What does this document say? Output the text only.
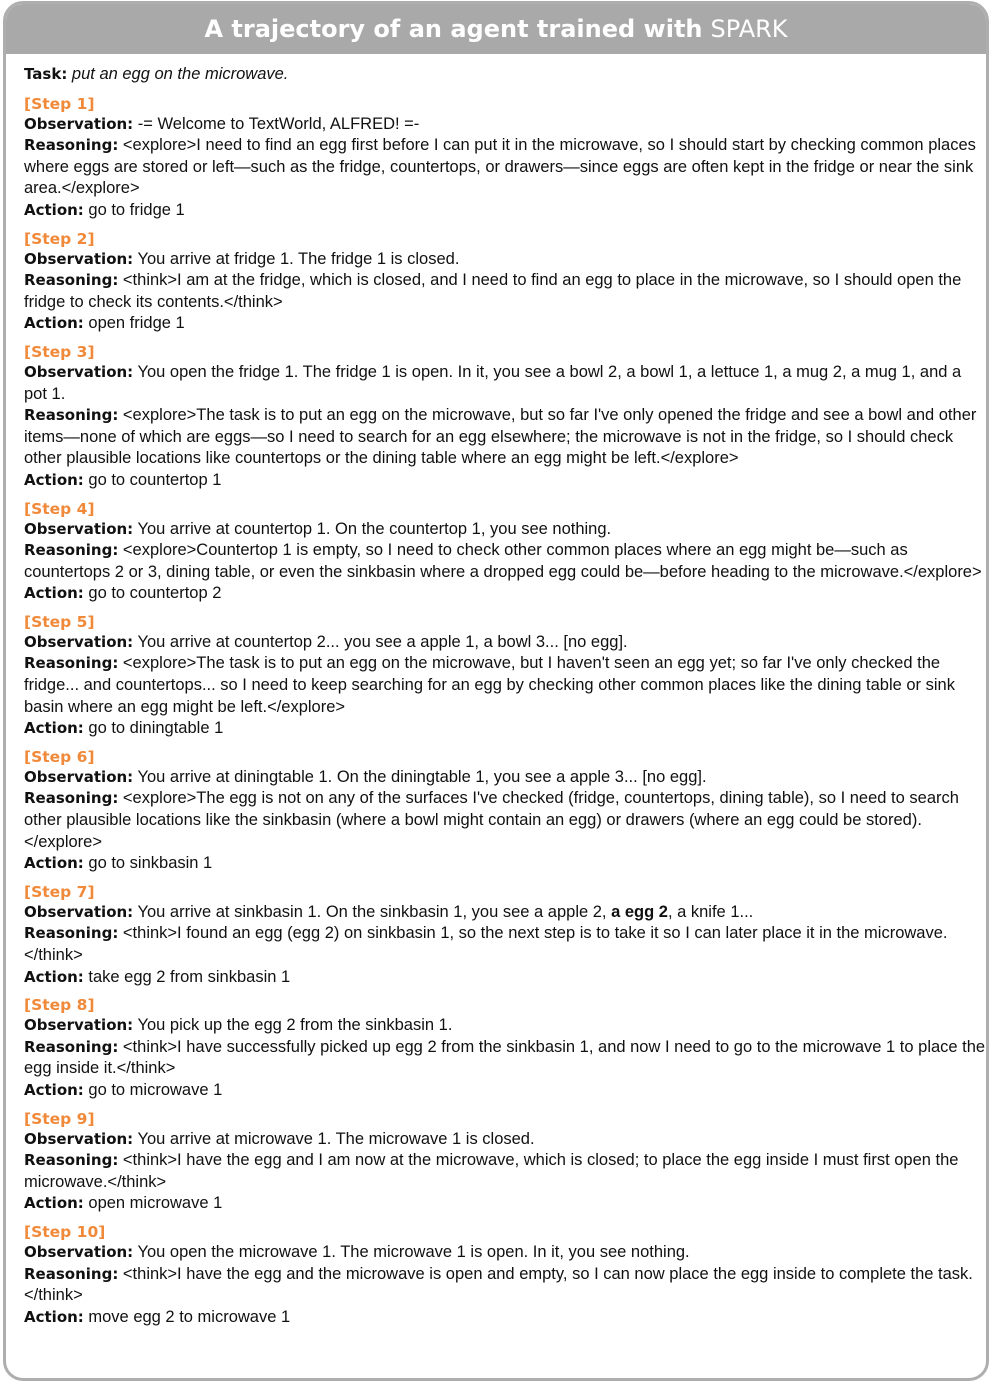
A trajectory of an agent trained with SPARK
Task: put an egg on the microwave.
[Step 1]
Observation: -= Welcome to TextWorld, ALFRED! =-
Reasoning: <explore>I need to find an egg first before I can put it in the microwave, so I should start by checking common places where eggs are stored or left—such as the fridge, countertops, or drawers—since eggs are often kept in the fridge or near the sink area.</explore>
Action: go to fridge 1
[Step 2]
Observation: You arrive at fridge 1. The fridge 1 is closed.
Reasoning: <think>I am at the fridge, which is closed, and I need to find an egg to place in the microwave, so I should open the fridge to check its contents.</think>
Action: open fridge 1
[Step 3]
Observation: You open the fridge 1. The fridge 1 is open. In it, you see a bowl 2, a bowl 1, a lettuce 1, a mug 2, a mug 1, and a pot 1.
Reasoning: <explore>The task is to put an egg on the microwave, but so far I've only opened the fridge and see a bowl and other items—none of which are eggs—so I need to search for an egg elsewhere; the microwave is not in the fridge, so I should check other plausible locations like countertops or the dining table where an egg might be left.</explore>
Action: go to countertop 1
[Step 4]
Observation: You arrive at countertop 1. On the countertop 1, you see nothing.
Reasoning: <explore>Countertop 1 is empty, so I need to check other common places where an egg might be—such as countertops 2 or 3, dining table, or even the sinkbasin where a dropped egg could be—before heading to the microwave.</explore>
Action: go to countertop 2
[Step 5]
Observation: You arrive at countertop 2... you see a apple 1, a bowl 3... [no egg].
Reasoning: <explore>The task is to put an egg on the microwave, but I haven't seen an egg yet; so far I've only checked the fridge... and countertops... so I need to keep searching for an egg by checking other common places like the dining table or sink basin where an egg might be left.</explore>
Action: go to diningtable 1
[Step 6]
Observation: You arrive at diningtable 1. On the diningtable 1, you see a apple 3... [no egg].
Reasoning: <explore>The egg is not on any of the surfaces I've checked (fridge, countertops, dining table), so I need to search other plausible locations like the sinkbasin (where a bowl might contain an egg) or drawers (where an egg could be stored).</explore>
Action: go to sinkbasin 1
[Step 7]
Observation: You arrive at sinkbasin 1. On the sinkbasin 1, you see a apple 2, a egg 2, a knife 1...
Reasoning: <think>I found an egg (egg 2) on sinkbasin 1, so the next step is to take it so I can later place it in the microwave.</think>
Action: take egg 2 from sinkbasin 1
[Step 8]
Observation: You pick up the egg 2 from the sinkbasin 1.
Reasoning: <think>I have successfully picked up egg 2 from the sinkbasin 1, and now I need to go to the microwave 1 to place the egg inside it.</think>
Action: go to microwave 1
[Step 9]
Observation: You arrive at microwave 1. The microwave 1 is closed.
Reasoning: <think>I have the egg and I am now at the microwave, which is closed; to place the egg inside I must first open the microwave.</think>
Action: open microwave 1
[Step 10]
Observation: You open the microwave 1. The microwave 1 is open. In it, you see nothing.
Reasoning: <think>I have the egg and the microwave is open and empty, so I can now place the egg inside to complete the task.</think>
Action: move egg 2 to microwave 1
